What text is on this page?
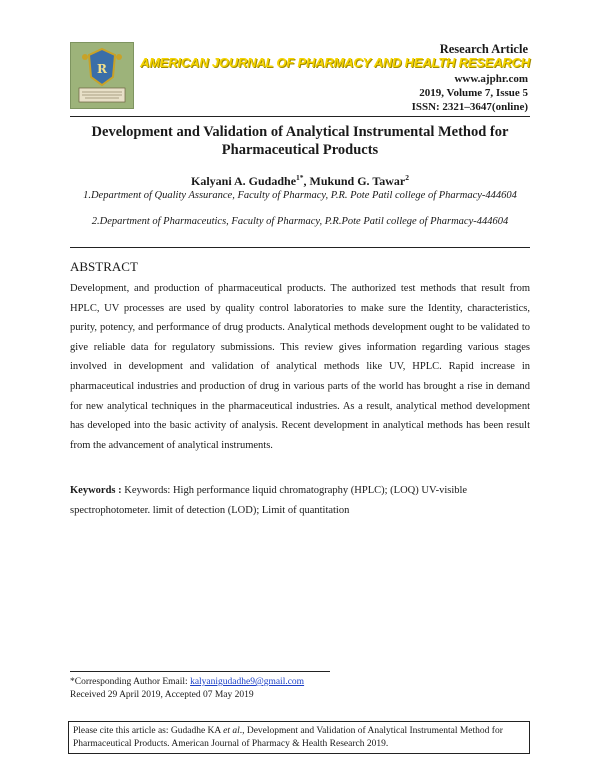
R
Research Article
AMERICAN JOURNAL OF PHARMACY AND HEALTH RESEARCH
www.ajphr.com
2019, Volume 7, Issue 5
ISSN: 2321–3647(online)
Development and Validation of Analytical Instrumental Method for Pharmaceutical Products
Kalyani A. Gudadhe$^{1*}$, Mukund G. Tawar$^2$
1.Department of Quality Assurance, Faculty of Pharmacy, P.R. Pote Patil college of Pharmacy-444604
2.Department of Pharmaceutics, Faculty of Pharmacy, P.R.Pote Patil college of Pharmacy-444604
ABSTRACT
Development, and production of pharmaceutical products. The authorized test methods that result from HPLC, UV processes are used by quality control laboratories to make sure the Identity, characteristics, purity, potency, and performance of drug products. Analytical methods development ought to be validated to give reliable data for regulatory submissions. This review gives information regarding various stages involved in development and validation of analytical methods like UV, HPLC. Rapid increase in pharmaceutical industries and production of drug in various parts of the world has brought a rise in demand for new analytical techniques in the pharmaceutical industries. As a result, analytical method development has developed into the basic activity of analysis. Recent development in analytical methods has been result from the advancement of analytical instruments.
Keywords : Keywords: High performance liquid chromatography (HPLC); (LOQ) UV-visible spectrophotometer. limit of detection (LOD); Limit of quantitation
*Corresponding Author Email: kalyanigudadhe9@gmail.com
Received 29 April 2019, Accepted 07 May 2019
Please cite this article as: Gudadhe KA et al., Development and Validation of Analytical Instrumental Method for Pharmaceutical Products. American Journal of Pharmacy & Health Research 2019.
